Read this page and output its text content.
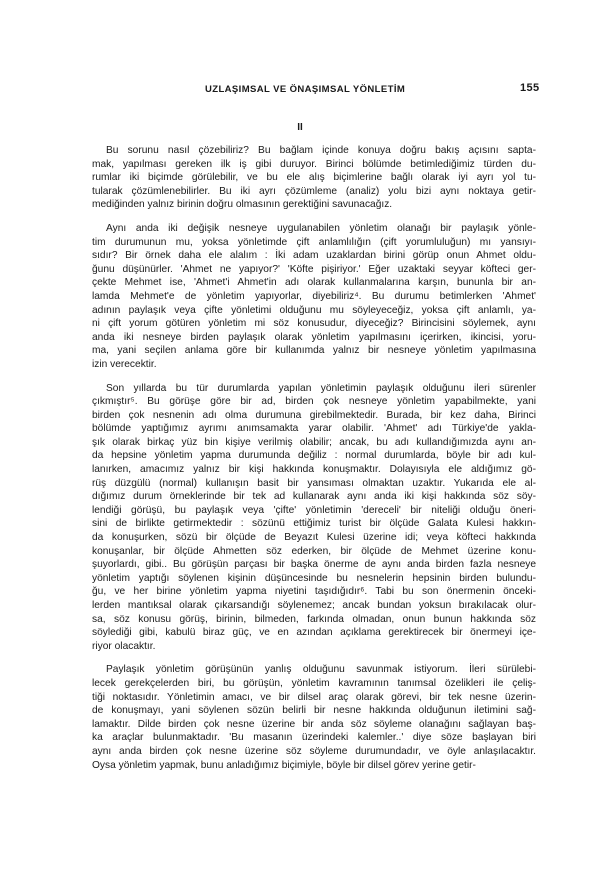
UZLAŞIMSAL VE ÖNAŞIMSAL YÖNLETİM	155
II

Bu sorunu nasıl çözebiliriz? Bu bağlam içinde konuya doğru bakış açısını sapta-
mak, yapılması gereken ilk iş gibi duruyor. Birinci bölümde betimlediğimiz türden du-
rumlar iki biçimde görülebilir, ve bu ele alış biçimlerine bağlı olarak iyi ayrı yol tu-
tularak çözümlenebilirler. Bu iki ayrı çözümleme (analiz) yolu bizi aynı noktaya getir-
mediğinden yalnız birinin doğru olmasının gerektiğini savunacağız.

Aynı anda iki değişik nesneye uygulanabilen yönletim olanağı bir paylaşık yönle-
tim durumunun mu, yoksa yönletimde çift anlamlılığın (çift yorumluluğun) mı yansıyı-
sıdır? Bir örnek daha ele alalım : İki adam uzaklardan birini görüp onun Ahmet oldu-
ğunu düşünürler. 'Ahmet ne yapıyor?' 'Köfte pişiriyor.' Eğer uzaktaki seyyar köfteci ger-
çekte Mehmet ise, 'Ahmet'i Ahmet'in adı olarak kullanmalarına karşın, bununla bir an-
lamda Mehmet'e de yönletim yapıyorlar, diyebiliriz⁴. Bu durumu betimlerken 'Ahmet'
adının paylaşık veya çifte yönletimi olduğunu mu söyleyeceğiz, yoksa çift anlamlı, ya-
ni çift yorum götüren yönletim mi söz konusudur, diyeceğiz? Birincisini söylemek, aynı
anda iki nesneye birden paylaşık olarak yönletim yapılmasını içerirken, ikincisi, yoru-
ma, yani seçilen anlama göre bir kullanımda yalnız bir nesneye yönletim yapılmasına
izin verecektir.

Son yıllarda bu tür durumlarda yapılan yönletimin paylaşık olduğunu ileri sürenler
çıkmıştır⁵. Bu görüşe göre bir ad, birden çok nesneye yönletim yapabilmekte, yani
birden çok nesnenin adı olma durumuna girebilmektedir. Burada, bir kez daha, Birinci
bölümde yaptığımız ayrımı anımsamakta yarar olabilir. 'Ahmet' adı Türkiye'de yakla-
şık olarak birkaç yüz bin kişiye verilmiş olabilir; ancak, bu adı kullandığımızda aynı an-
da hepsine yönletim yapma durumunda değiliz : normal durumlarda, böyle bir adı kul-
lanırken, amacımız yalnız bir kişi hakkında konuşmaktır. Dolayısıyla ele aldığımız gö-
rüş düzgülü (normal) kullanışın basit bir yansıması olmaktan uzaktır. Yukarıda ele al-
dığımız durum örneklerinde bir tek ad kullanarak aynı anda iki kişi hakkında söz söy-
lendiği görüşü, bu paylaşık veya 'çifte' yönletimin 'dereceli' bir niteliği olduğu öneri-
sini de birlikte getirmektedir : sözünü ettiğimiz turist bir ölçüde Galata Kulesi hakkın-
da konuşurken, sözü bir ölçüde de Beyazıt Kulesi üzerine idi; veya köfteci hakkında
konuşanlar, bir ölçüde Ahmetten söz ederken, bir ölçüde de Mehmet üzerine konu-
şuyorlardı, gibi.. Bu görüşün parçası bir başka önerme de aynı anda birden fazla nesneye
yönletim yaptığı söylenen kişinin düşüncesinde bu nesnelerin hepsinin birden bulundu-
ğu, ve her birine yönletim yapma niyetini taşıdığıdır⁶. Tabi bu son önermenin önceki-
lerden mantıksal olarak çıkarsandığı söylenemez; ancak bundan yoksun bırakılacak olur-
sa, söz konusu görüş, birinin, bilmeden, farkında olmadan, onun bunun hakkında söz
söylediği gibi, kabulü biraz güç, ve en azından açıklama gerektirecek bir önermeyi içe-
riyor olacaktır.

Paylaşık yönletim görüşünün yanlış olduğunu savunmak istiyorum. İleri sürülebi-
lecek gerekçelerden biri, bu görüşün, yönletim kavramının tanımsal özelikleri ile çeliş-
tiği noktasıdır. Yönletimin amacı, ve bir dilsel araç olarak görevi, bir tek nesne üzerin-
de konuşmayı, yani söylenen sözün belirli bir nesne hakkında olduğunun iletimini sağ-
lamaktır. Dilde birden çok nesne üzerine bir anda söz söyleme olanağını sağlayan baş-
ka araçlar bulunmaktadır. 'Bu masanın üzerindeki kalemler..' diye söze başlayan biri
aynı anda birden çok nesne üzerine söz söyleme durumundadır, ve öyle anlaşılacaktır.
Oysa yönletim yapmak, bunu anladığımız biçimiyle, böyle bir dilsel görev yerine getir-
